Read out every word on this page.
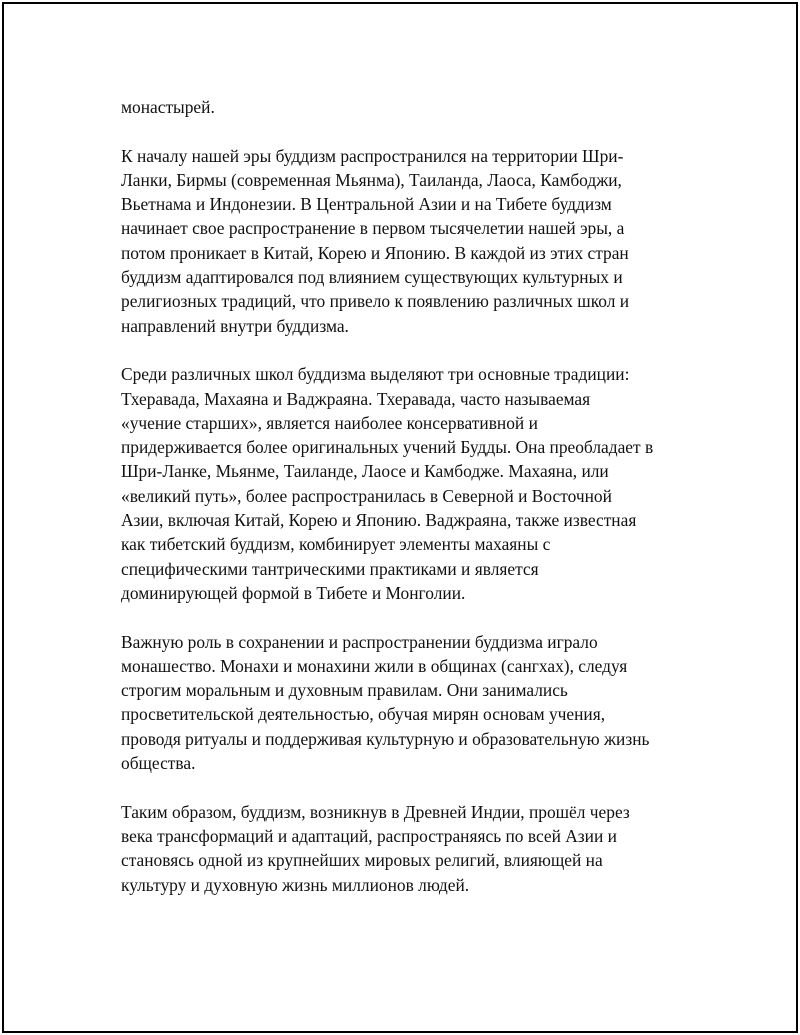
монастырей.
К началу нашей эры буддизм распространился на территории Шри-
Ланки, Бирмы (современная Мьянма), Таиланда, Лаоса, Камбоджи,
Вьетнама и Индонезии. В Центральной Азии и на Тибете буддизм
начинает свое распространение в первом тысячелетии нашей эры, а
потом проникает в Китай, Корею и Японию. В каждой из этих стран
буддизм адаптировался под влиянием существующих культурных и
религиозных традиций, что привело к появлению различных школ и
направлений внутри буддизма.
Среди различных школ буддизма выделяют три основные традиции:
Тхеравада, Махаяна и Ваджраяна. Тхеравада, часто называемая
«учение старших», является наиболее консервативной и
придерживается более оригинальных учений Будды. Она преобладает в
Шри-Ланке, Мьянме, Таиланде, Лаосе и Камбодже. Махаяна, или
«великий путь», более распространилась в Северной и Восточной
Азии, включая Китай, Корею и Японию. Ваджраяна, также известная
как тибетский буддизм, комбинирует элементы махаяны с
специфическими тантрическими практиками и является
доминирующей формой в Тибете и Монголии.
Важную роль в сохранении и распространении буддизма играло
монашество. Монахи и монахини жили в общинах (сангхах), следуя
строгим моральным и духовным правилам. Они занимались
просветительской деятельностью, обучая мирян основам учения,
проводя ритуалы и поддерживая культурную и образовательную жизнь
общества.
Таким образом, буддизм, возникнув в Древней Индии, прошёл через
века трансформаций и адаптаций, распространяясь по всей Азии и
становясь одной из крупнейших мировых религий, влияющей на
культуру и духовную жизнь миллионов людей.
